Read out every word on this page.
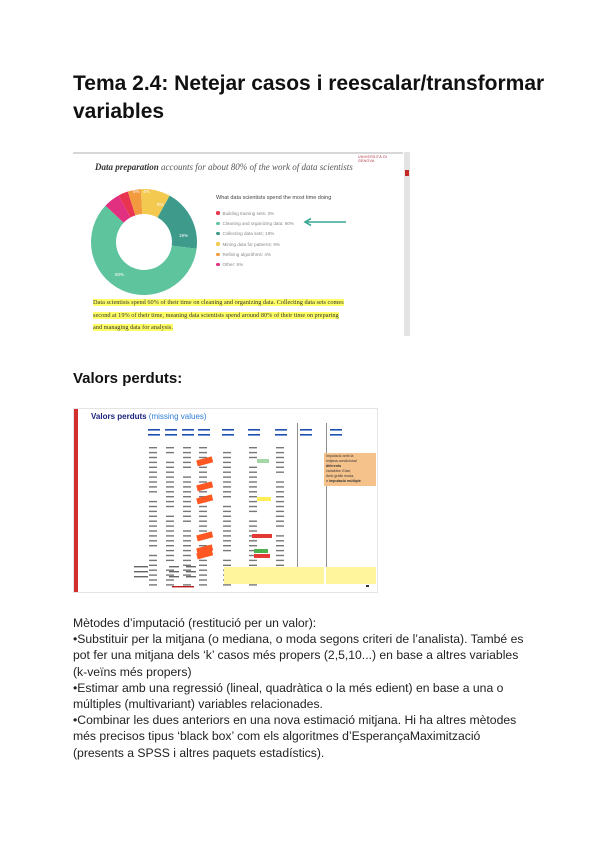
Tema 2.4: Netejar casos i reescalar/transformar variables
Data preparation accounts for about 80% of the work of data scientists
UNIVERSITÀ DI GENOVA
5% 4%
9%
19%
60%
What data scientists spend the most time doing
Building training sets: 3%
Cleaning and organizing data: 60%
Collecting data sets; 19%
Mining data for patterns: 9%
Refining algorithms: 4%
Other: 5%
Data scientists spend 60% of their time on cleaning and organizing data. Collecting data sets comes second at 19% of their time, meaning data scientists spend around 80% of their time on preparing and managing data for analysis.
Valors perduts:
Valors perduts (missing values)
Imputació amb la
mitjana condicional
diferents
variables: Edat,
Amb gràfic moda,
> imputació múltiple

Mètodes d’imputació (restitució per un valor):

•Substituir per la mitjana (o mediana, o moda segons criteri de l’analista). També es pot fer una mitjana dels ‘k’ casos més propers (2,5,10...) en base a altres variables (k-veïns més propers)

•Estimar amb una regressió (lineal, quadràtica o la més edient) en base a una o múltiples (multivariant) variables relacionades.

•Combinar les dues anteriors en una nova estimació mitjana. Hi ha altres mètodes més precisos tipus ‘black box’ com els algoritmes d’EsperançaMaximització (presents a SPSS i altres paquets estadístics).
